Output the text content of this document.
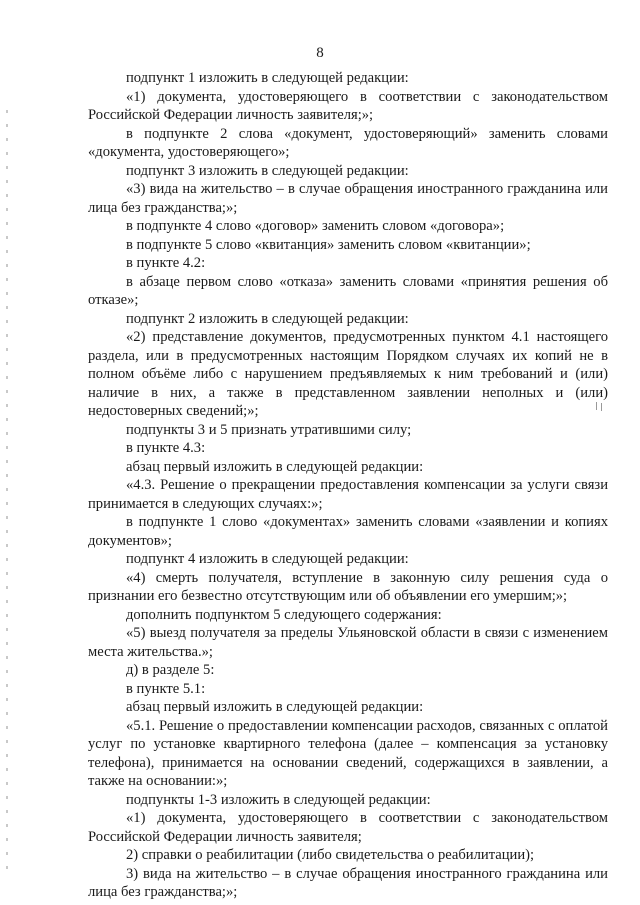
8

подпункт 1 изложить в следующей редакции:

«1) документа, удостоверяющего в соответствии с законодательством Российской Федерации личность заявителя;»;

в подпункте 2 слова «документ, удостоверяющий» заменить словами «документа, удостоверяющего»;

подпункт 3 изложить в следующей редакции:

«3) вида на жительство – в случае обращения иностранного гражданина или лица без гражданства;»;

в подпункте 4 слово «договор» заменить словом «договора»;

в подпункте 5 слово «квитанция» заменить словом «квитанции»;

в пункте 4.2:

в абзаце первом слово «отказа» заменить словами «принятия решения об отказе»;

подпункт 2 изложить в следующей редакции:

«2) представление документов, предусмотренных пунктом 4.1 настоящего раздела, или в предусмотренных настоящим Порядком случаях их копий не в полном объёме либо с нарушением предъявляемых к ним требований и (или) наличие в них, а также в представленном заявлении неполных и (или) недостоверных сведений;»;

подпункты 3 и 5 признать утратившими силу;

в пункте 4.3:

абзац первый изложить в следующей редакции:

«4.3. Решение о прекращении предоставления компенсации за услуги связи принимается в следующих случаях:»;

в подпункте 1 слово «документах» заменить словами «заявлении и копиях документов»;

подпункт 4 изложить в следующей редакции:

«4) смерть получателя, вступление в законную силу решения суда о признании его безвестно отсутствующим или об объявлении его умершим;»;

дополнить подпунктом 5 следующего содержания:

«5) выезд получателя за пределы Ульяновской области в связи с изменением места жительства.»;

д) в разделе 5:

в пункте 5.1:

абзац первый изложить в следующей редакции:

«5.1. Решение о предоставлении компенсации расходов, связанных с оплатой услуг по установке квартирного телефона (далее – компенсация за установку телефона), принимается на основании сведений, содержащихся в заявлении, а также на основании:»;

подпункты 1-3 изложить в следующей редакции:

«1) документа, удостоверяющего в соответствии с законодательством Российской Федерации личность заявителя;

2) справки о реабилитации (либо свидетельства о реабилитации);

3) вида на жительство – в случае обращения иностранного гражданина или лица без гражданства;»;
